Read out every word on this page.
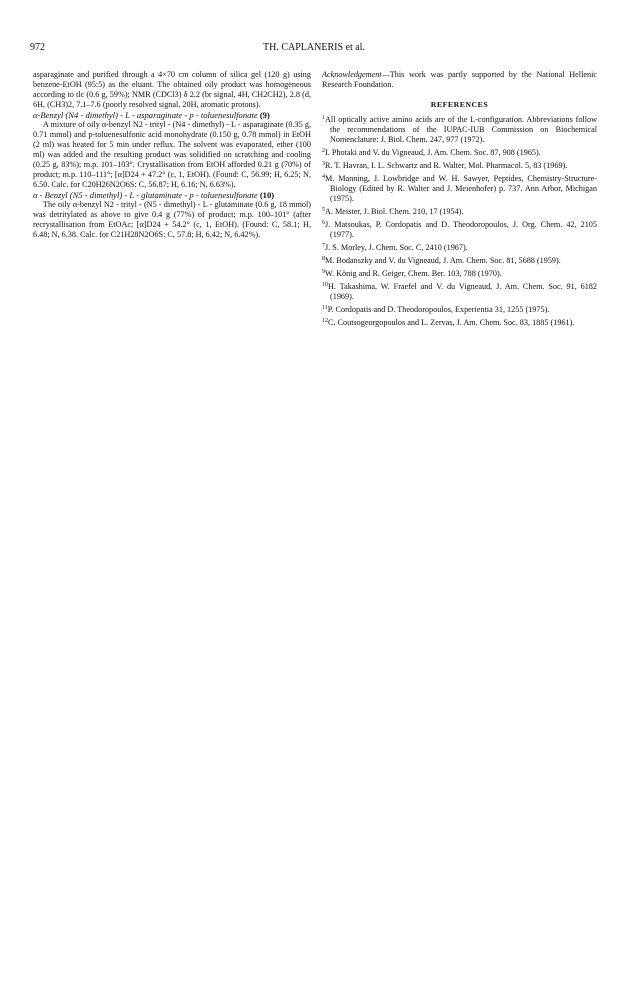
972	TH. CAPLANERIS et al.

asparaginate and purified through a 4×70 cm column of silica gel (120 g) using benzene-EtOH (95:5) as the eluant. The obtained oily product was homogeneous according to tlc (0.6 g, 59%); NMR (CDCl3) δ 2.2 (br signal, 4H, CH2CH2), 2.8 (d, 6H, (CH3)2, 7.1–7.6 (poorly resolved signal, 20H, aromatic protons).

α-Benzyl (N4 - dimethyl) - L - asparaginate - p - toluenesulfonate (9)

A mixture of oily α-benzyl N2 - trityl - (N4 - dimethyl) - L - asparaginate (0.35 g, 0.71 mmol) and p-toluenesulfonic acid monohydrate (0.150 g, 0.78 mmol) in EtOH (2 ml) was heated for 5 min under reflux. The solvent was evaporated, ether (100 ml) was added and the resulting product was solidified on scratching and cooling (0.25 g, 83%); m.p. 101–103°. Crystallisation from EtOH afforded 0.21 g (70%) of product; m.p. 110–111°; [α]D24 + 47.2° (c, 1, EtOH). (Found: C, 56.99; H, 6.25; N, 6.50. Calc. for C20H26N2O6S: C, 56.87; H, 6.16; N, 6.63%).

α - Benzyl (N5 - dimethyl) - L - glutaminate - p - toluenesulfonate (10)

The oily α-benzyl N2 - trityl - (N5 - dimethyl) - L - glutaminate (0.6 g, 18 mmol) was detritylated as above to give 0.4 g (77%) of product; m.p. 100–101° (after recrystallisation from EtOAc; [α]D24 + 54.2° (c, 1, EtOH). (Found: C, 58.1; H, 6.48; N, 6.38. Calc. for C21H28N2O6S: C, 57.8; H, 6.42; N, 6.42%).

Acknowledgement—This work was partly supported by the National Hellenic Research Foundation.

REFERENCES

$^1$All optically active amino acids are of the L-configuration. Abbreviations follow the recommendations of the IUPAC-IUB Commission on Biochemical Nomenclature: J. Biol. Chem. 247, 977 (1972).

$^2$I. Photaki and V. du Vigneaud, J. Am. Chem. Soc. 87, 908 (1965).

$^3$R. T. Havran, I. L. Schwartz and R. Walter, Mol. Pharmacol. 5, 83 (1969).

$^4$M. Manning, J. Lowbridge and W. H. Sawyer, Peptides, Chemistry-Structure-Biology (Edited by R. Walter and J. Meienhofer) p. 737. Ann Arbor, Michigan (1975).

$^5$A. Meister, J. Biol. Chem. 210, 17 (1954).

$^6$J. Matsoukas, P. Cordopatis and D. Theodoropoulos, J. Org. Chem. 42, 2105 (1977).

$^7$J. S. Morley, J. Chem. Soc. C, 2410 (1967).

$^8$M. Bodanszky and V. du Vigneaud, J. Am. Chem. Soc. 81, 5688 (1959).

$^9$W. König and R. Geiger, Chem. Ber. 103, 788 (1970).

$^{10}$H. Takashima, W. Fraefel and V. du Vigneaud, J. Am. Chem. Soc. 91, 6182 (1969).

$^{11}$P. Cordopatis and D. Theodoropoulos, Experientia 31, 1255 (1975).

$^{12}$C. Coutsogeorgopoulos and L. Zervas, J. Am. Chem. Soc. 83, 1885 (1961).
